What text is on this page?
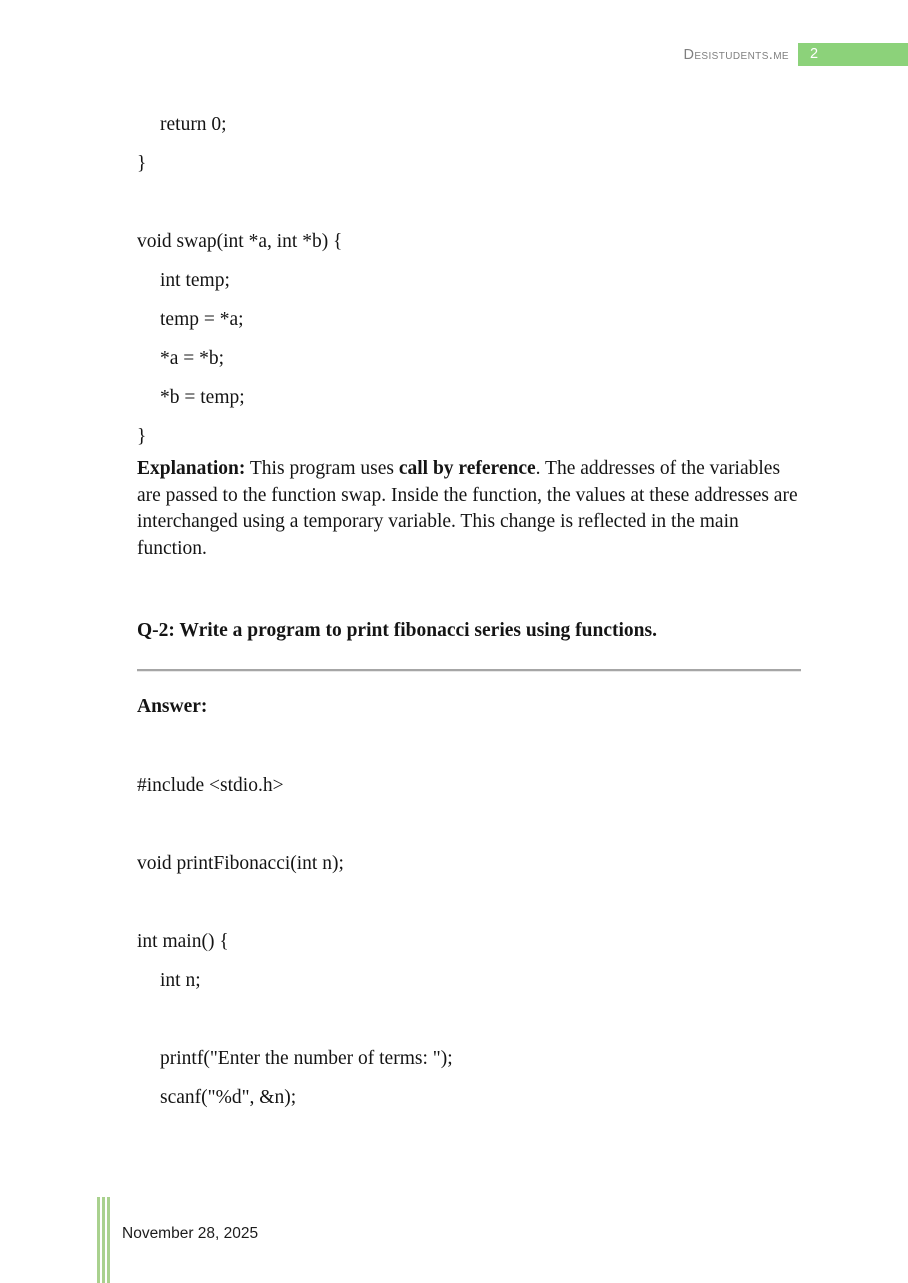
Desistudents.me	2
return 0;
}
void swap(int *a, int *b) {
int temp;
temp = *a;
*a = *b;
*b = temp;
}

Explanation: This program uses call by reference. The addresses of the variables are passed to the function swap. Inside the function, the values at these addresses are interchanged using a temporary variable. This change is reflected in the main function.

Q-2: Write a program to print fibonacci series using functions.

Answer:

#include <stdio.h>
void printFibonacci(int n);
int main() {
int n;
printf("Enter the number of terms: ");
scanf("%d", &n);
November 28, 2025
